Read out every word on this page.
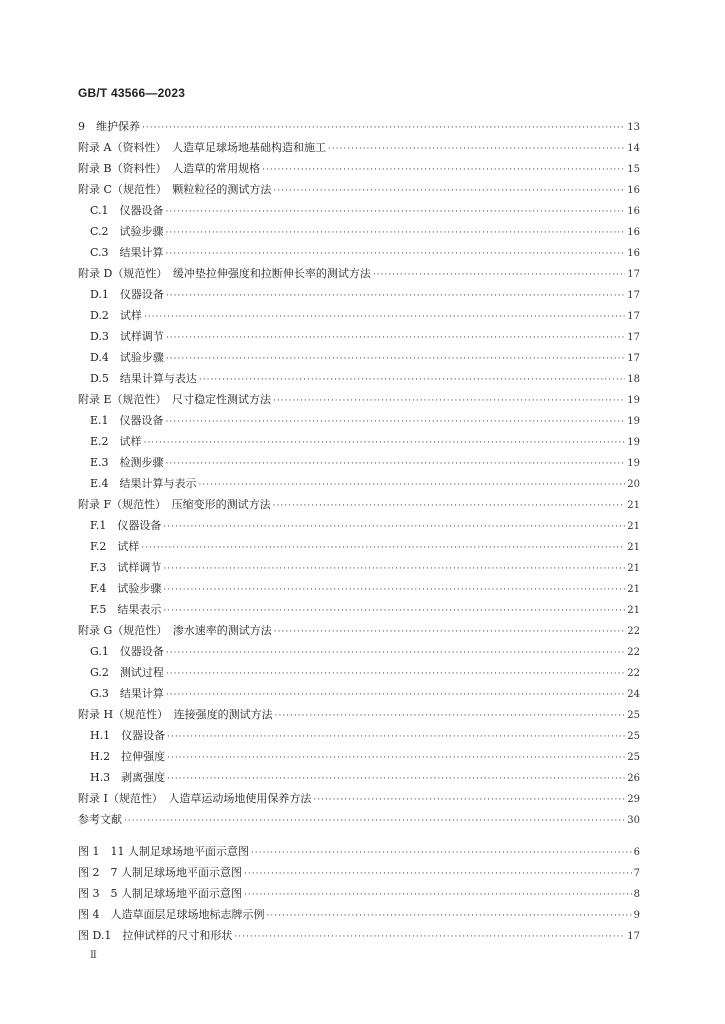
GB/T 43566—2023
9　维护保养 ·····	13
附录 A（资料性）　人造草足球场地基础构造和施工 ·····	14
附录 B（资料性）　人造草的常用规格 ·····	15
附录 C（规范性）　颗粒粒径的测试方法 ·····	16
C.1　仪器设备 ·····	16
C.2　试验步骤 ·····	16
C.3　结果计算 ·····	16
附录 D（规范性）　缓冲垫拉伸强度和拉断伸长率的测试方法 ·····	17
D.1　仪器设备 ·····	17
D.2　试样 ·····	17
D.3　试样调节 ·····	17
D.4　试验步骤 ·····	17
D.5　结果计算与表达 ·····	18
附录 E（规范性）　尺寸稳定性测试方法 ·····	19
E.1　仪器设备 ·····	19
E.2　试样 ·····	19
E.3　检测步骤 ·····	19
E.4　结果计算与表示 ·····	20
附录 F（规范性）　压缩变形的测试方法 ·····	21
F.1　仪器设备 ·····	21
F.2　试样 ·····	21
F.3　试样调节 ·····	21
F.4　试验步骤 ·····	21
F.5　结果表示 ·····	21
附录 G（规范性）　渗水速率的测试方法 ·····	22
G.1　仪器设备 ·····	22
G.2　测试过程 ·····	22
G.3　结果计算 ·····	24
附录 H（规范性）　连接强度的测试方法 ·····	25
H.1　仪器设备 ·····	25
H.2　拉伸强度 ·····	25
H.3　剥离强度 ·····	26
附录 I（规范性）　人造草运动场地使用保养方法 ·····	29
参考文献 ·····	30
图 1　11 人制足球场地平面示意图 ·····	6
图 2　7 人制足球场地平面示意图 ·····	7
图 3　5 人制足球场地平面示意图 ·····	8
图 4　人造草面层足球场地标志牌示例 ·····	9
图 D.1　拉伸试样的尺寸和形状 ·····	17
Ⅱ
